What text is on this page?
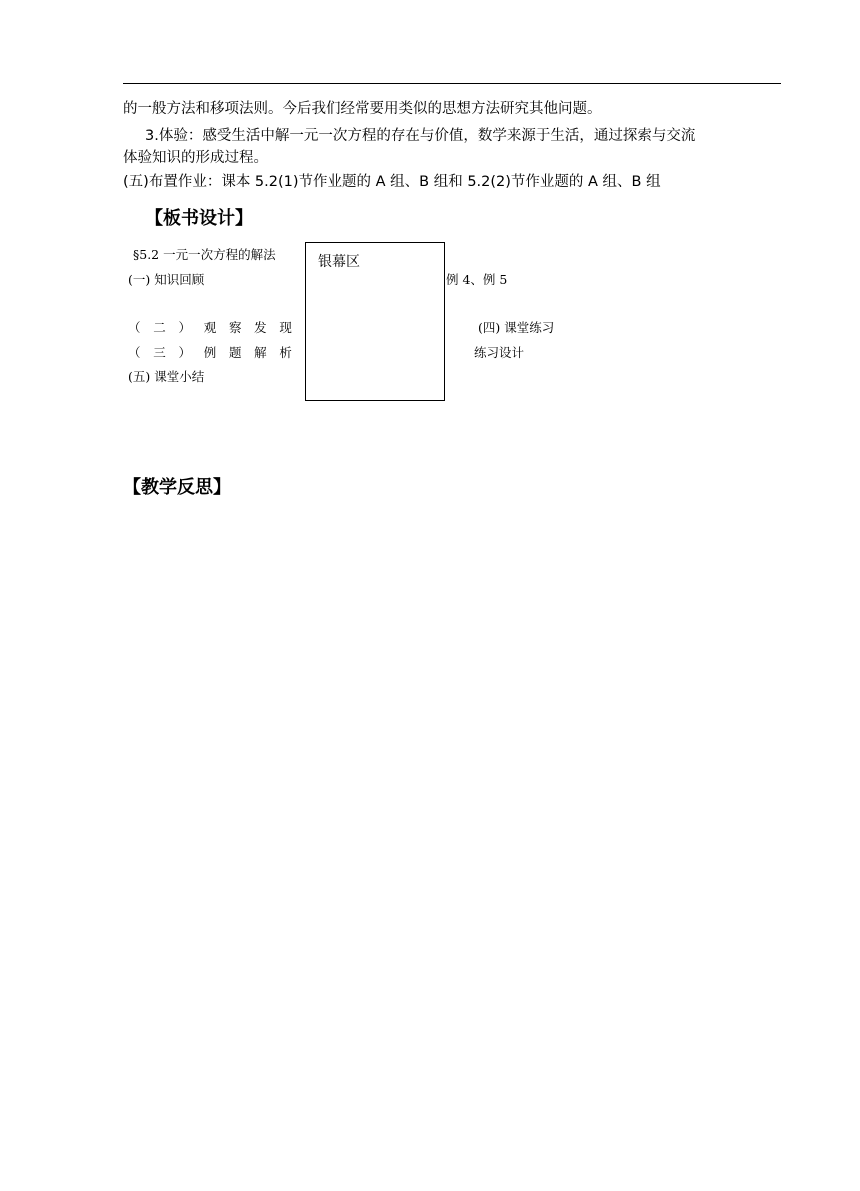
的一般方法和移项法则。今后我们经常要用类似的思想方法研究其他问题。
3.体验：感受生活中解一元一次方程的存在与价值，数学来源于生活，通过探索与交流
体验知识的形成过程。
(五)布置作业：课本 5.2(1)节作业题的 A 组、B 组和 5.2(2)节作业题的 A 组、B 组
【板书设计】
§5.2 一元一次方程的解法
(一) 知识回顾
（ 二 ） 观 察 发 现
（ 三 ） 例 题 解 析
(五) 课堂小结
银幕区
例 4、例 5
(四) 课堂练习
练习设计
【教学反思】
